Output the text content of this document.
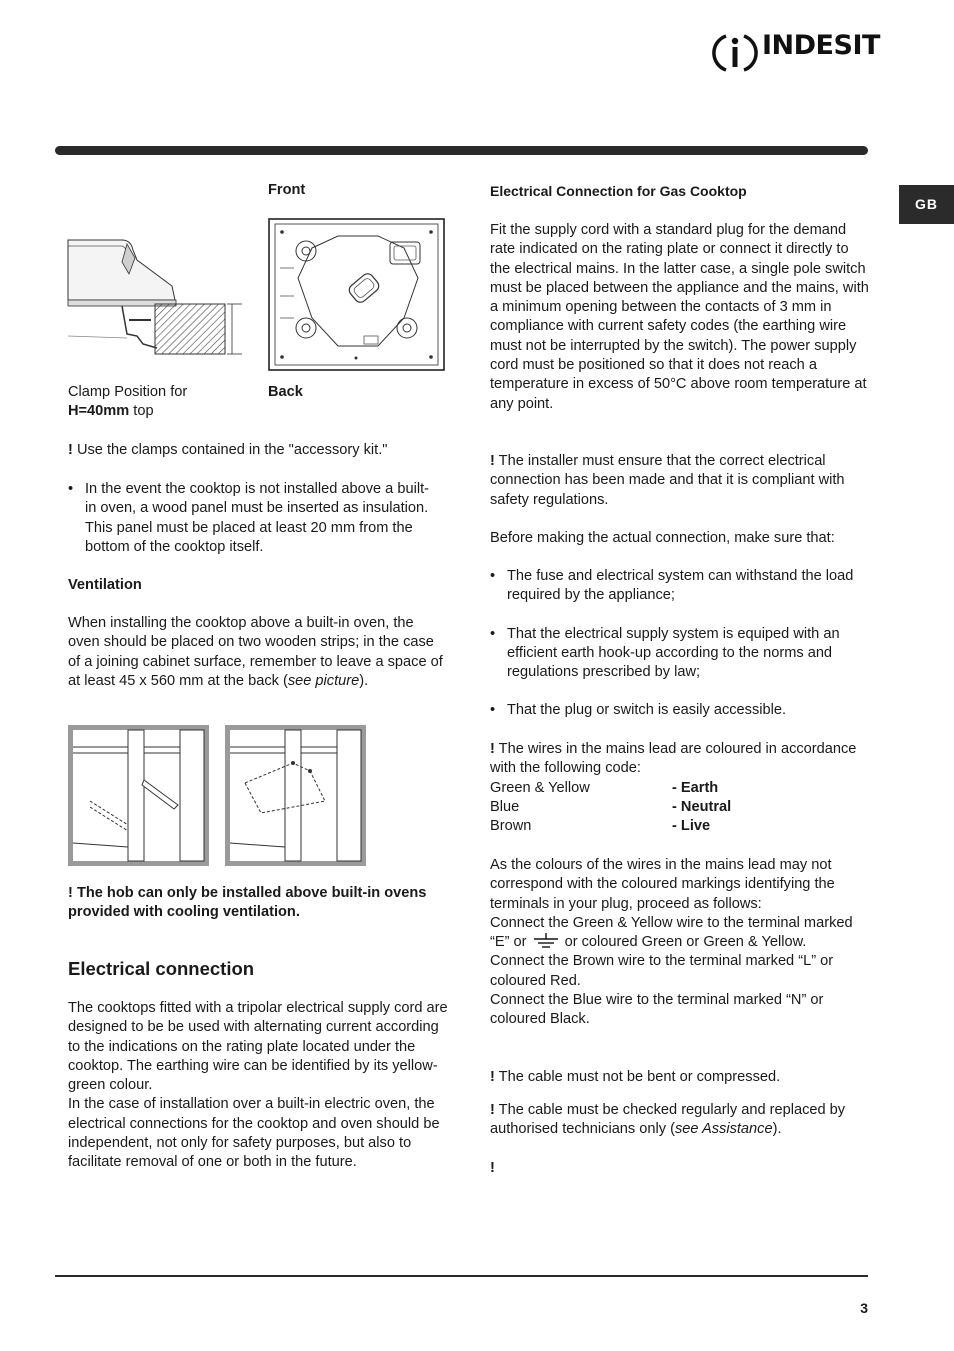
INDESIT
GB
Front
Clamp Position for
H=40mm top
Back

! Use the clamps contained in the "accessory kit."

• In the event the cooktop is not installed above a built-in oven, a wood panel must be inserted as insulation. This panel must be placed at least 20 mm from the bottom of the cooktop itself.
Ventilation

When installing the cooktop above a built-in oven, the oven should be placed on two wooden strips; in the case of a joining cabinet surface, remember to leave a space of at least 45 x 560 mm at the back (see picture).

! The hob can only be installed above built-in ovens provided with cooling ventilation.

Electrical connection

The cooktops fitted with a tripolar electrical supply cord are designed to be be used with alternating current according to the indications on the rating plate located under the cooktop. The earthing wire can be identified by its yellow-green colour.

In the case of installation over a built-in electric oven, the electrical connections for the cooktop and oven should be independent, not only for safety purposes, but also to facilitate removal of one or both in the future.

Electrical Connection for Gas Cooktop

Fit the supply cord with a standard plug for the demand rate indicated on the rating plate or connect it directly to the electrical mains. In the latter case, a single pole switch must be placed between the appliance and the mains, with a minimum opening between the contacts of 3 mm in compliance with current safety codes (the earthing wire must not be interrupted by the switch). The power supply cord must be positioned so that it does not reach a temperature in excess of 50°C above room temperature at any point.

! The installer must ensure that the correct electrical connection has been made and that it is compliant with safety regulations.

Before making the actual connection, make sure that:

• The fuse and electrical system can withstand the load required by the appliance;
• That the electrical supply system is equiped with an efficient earth hook-up according to the norms and regulations prescribed by law;
• That the plug or switch is easily accessible.

! The wires in the mains lead are coloured in accordance with the following code:

Green & Yellow	- Earth
Blue	- Neutral
Brown	- Live

As the colours of the wires in the mains lead may not correspond with the coloured markings identifying the terminals in your plug, proceed as follows:

Connect the Green & Yellow wire to the terminal marked “E” or  or coloured Green or Green & Yellow.

Connect the Brown wire to the terminal marked “L” or coloured Red.

Connect the Blue wire to the terminal marked “N” or coloured Black.

! The cable must not be bent or compressed.

! The cable must be checked regularly and replaced by authorised technicians only (see Assistance).

!

3
